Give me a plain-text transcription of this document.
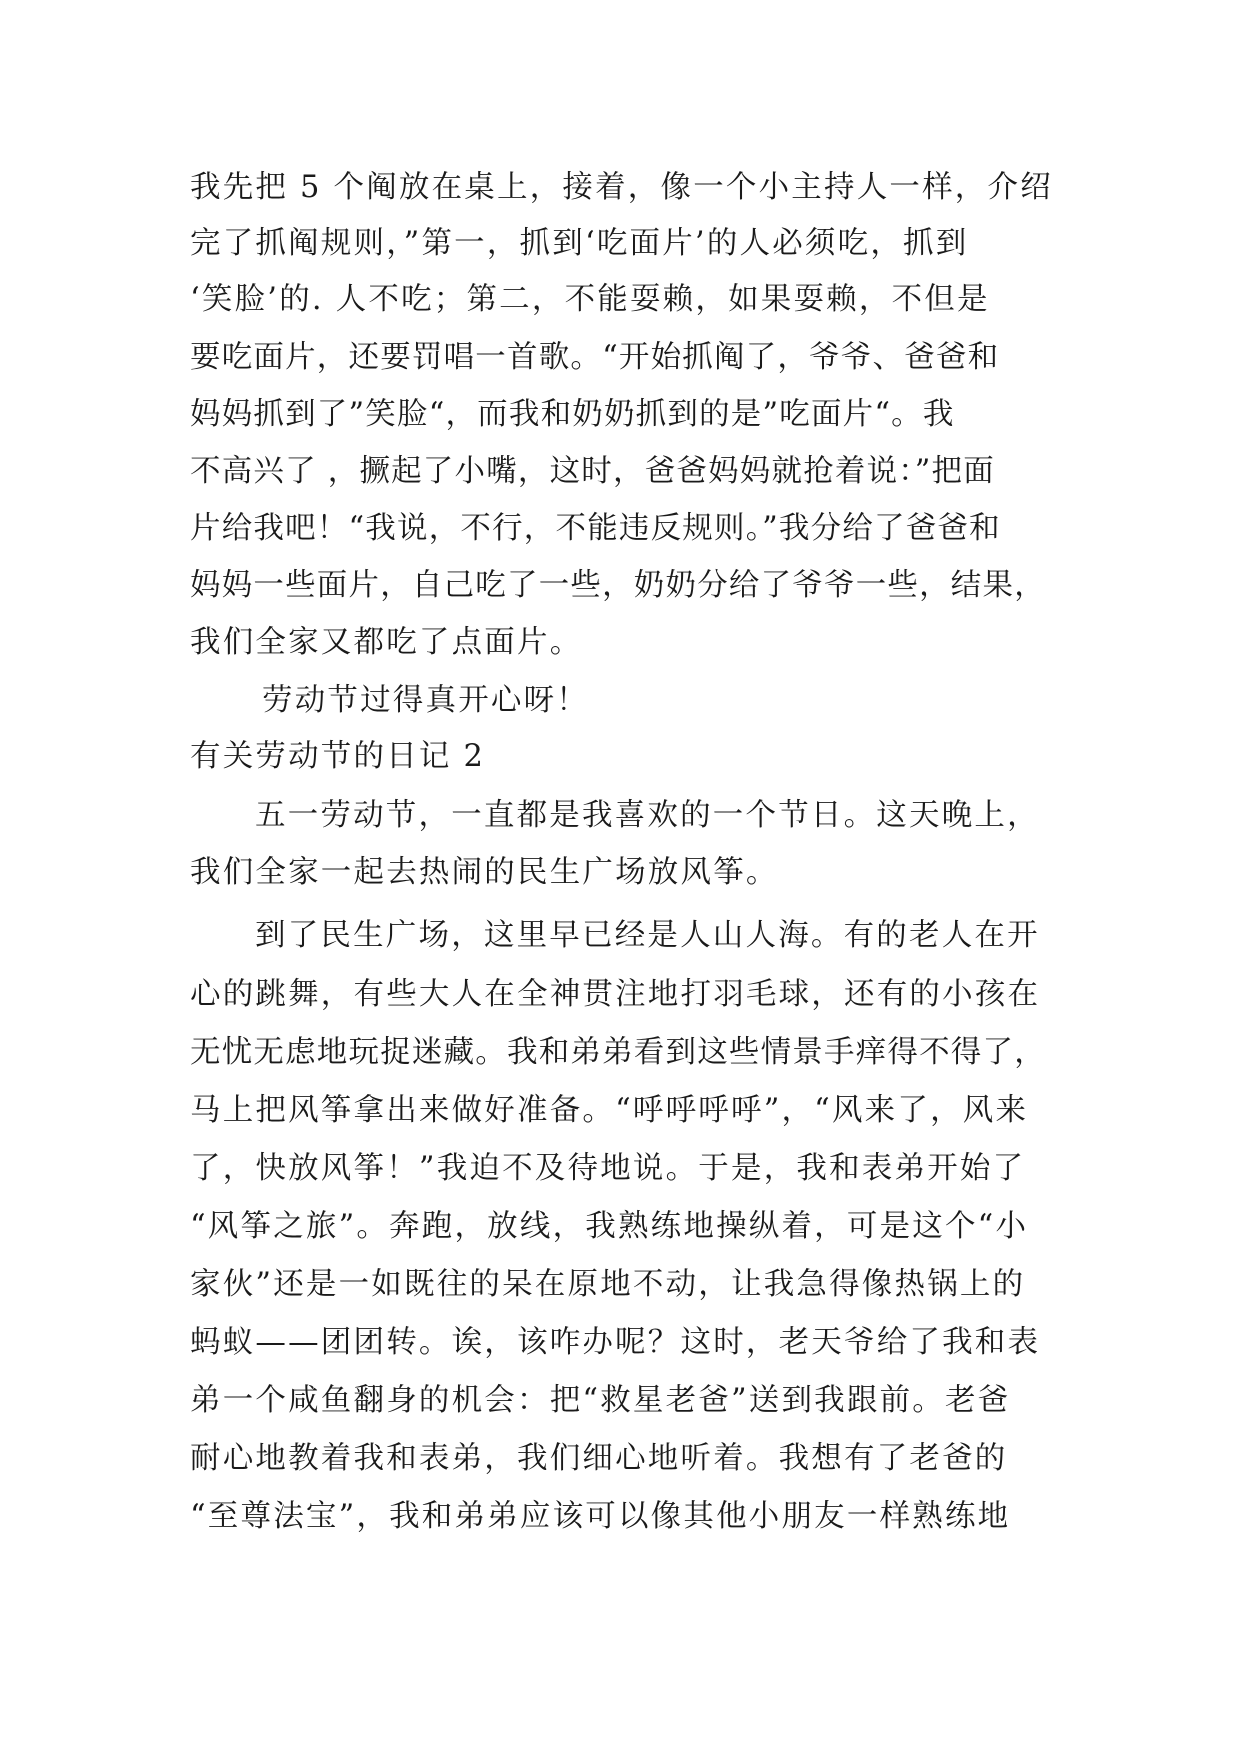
我先把 5 个阄放在桌上，接着，像一个小主持人一样，介绍
完了抓阄规则，”第一，抓到‘吃面片’的人必须吃，抓到
‘笑脸’的. 人不吃；第二，不能耍赖，如果耍赖，不但是
要吃面片，还要罚唱一首歌。“开始抓阄了，爷爷、爸爸和
妈妈抓到了”笑脸“，而我和奶奶抓到的是”吃面片“。我
不高兴了 ，撅起了小嘴，这时，爸爸妈妈就抢着说：”把面
片给我吧！“我说，不行，不能违反规则。”我分给了爸爸和
妈妈一些面片，自己吃了一些，奶奶分给了爷爷一些，结果，
我们全家又都吃了点面片。
劳动节过得真开心呀！
有关劳动节的日记 2
五一劳动节，一直都是我喜欢的一个节日。这天晚上，
我们全家一起去热闹的民生广场放风筝。
到了民生广场，这里早已经是人山人海。有的老人在开
心的跳舞，有些大人在全神贯注地打羽毛球，还有的小孩在
无忧无虑地玩捉迷藏。我和弟弟看到这些情景手痒得不得了，
马上把风筝拿出来做好准备。“呼呼呼呼”，“风来了，风来
了，快放风筝！”我迫不及待地说。于是，我和表弟开始了
“风筝之旅”。奔跑，放线，我熟练地操纵着，可是这个“小
家伙”还是一如既往的呆在原地不动，让我急得像热锅上的
蚂蚁——团团转。诶，该咋办呢？这时，老天爷给了我和表
弟一个咸鱼翻身的机会：把“救星老爸”送到我跟前。老爸
耐心地教着我和表弟，我们细心地听着。我想有了老爸的
“至尊法宝”，我和弟弟应该可以像其他小朋友一样熟练地
